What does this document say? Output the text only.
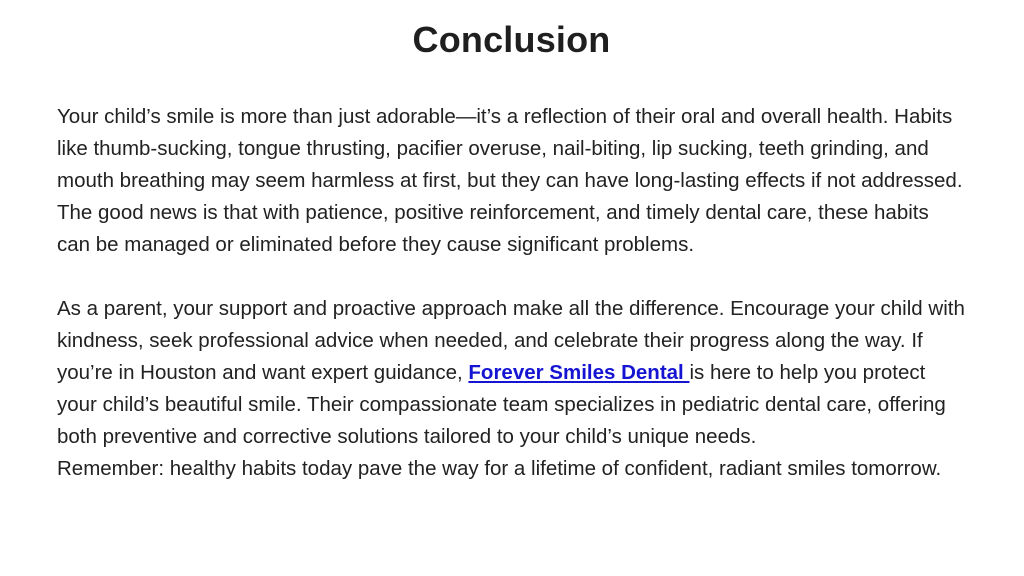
Conclusion

Your child’s smile is more than just adorable—it’s a reflection of their oral and overall health. Habits like thumb-sucking, tongue thrusting, pacifier overuse, nail-biting, lip sucking, teeth grinding, and mouth breathing may seem harmless at first, but they can have long-lasting effects if not addressed. The good news is that with patience, positive reinforcement, and timely dental care, these habits can be managed or eliminated before they cause significant problems.

As a parent, your support and proactive approach make all the difference. Encourage your child with kindness, seek professional advice when needed, and celebrate their progress along the way. If you’re in Houston and want expert guidance, Forever Smiles Dental is here to help you protect your child’s beautiful smile. Their compassionate team specializes in pediatric dental care, offering both preventive and corrective solutions tailored to your child’s unique needs.

Remember: healthy habits today pave the way for a lifetime of confident, radiant smiles tomorrow.
